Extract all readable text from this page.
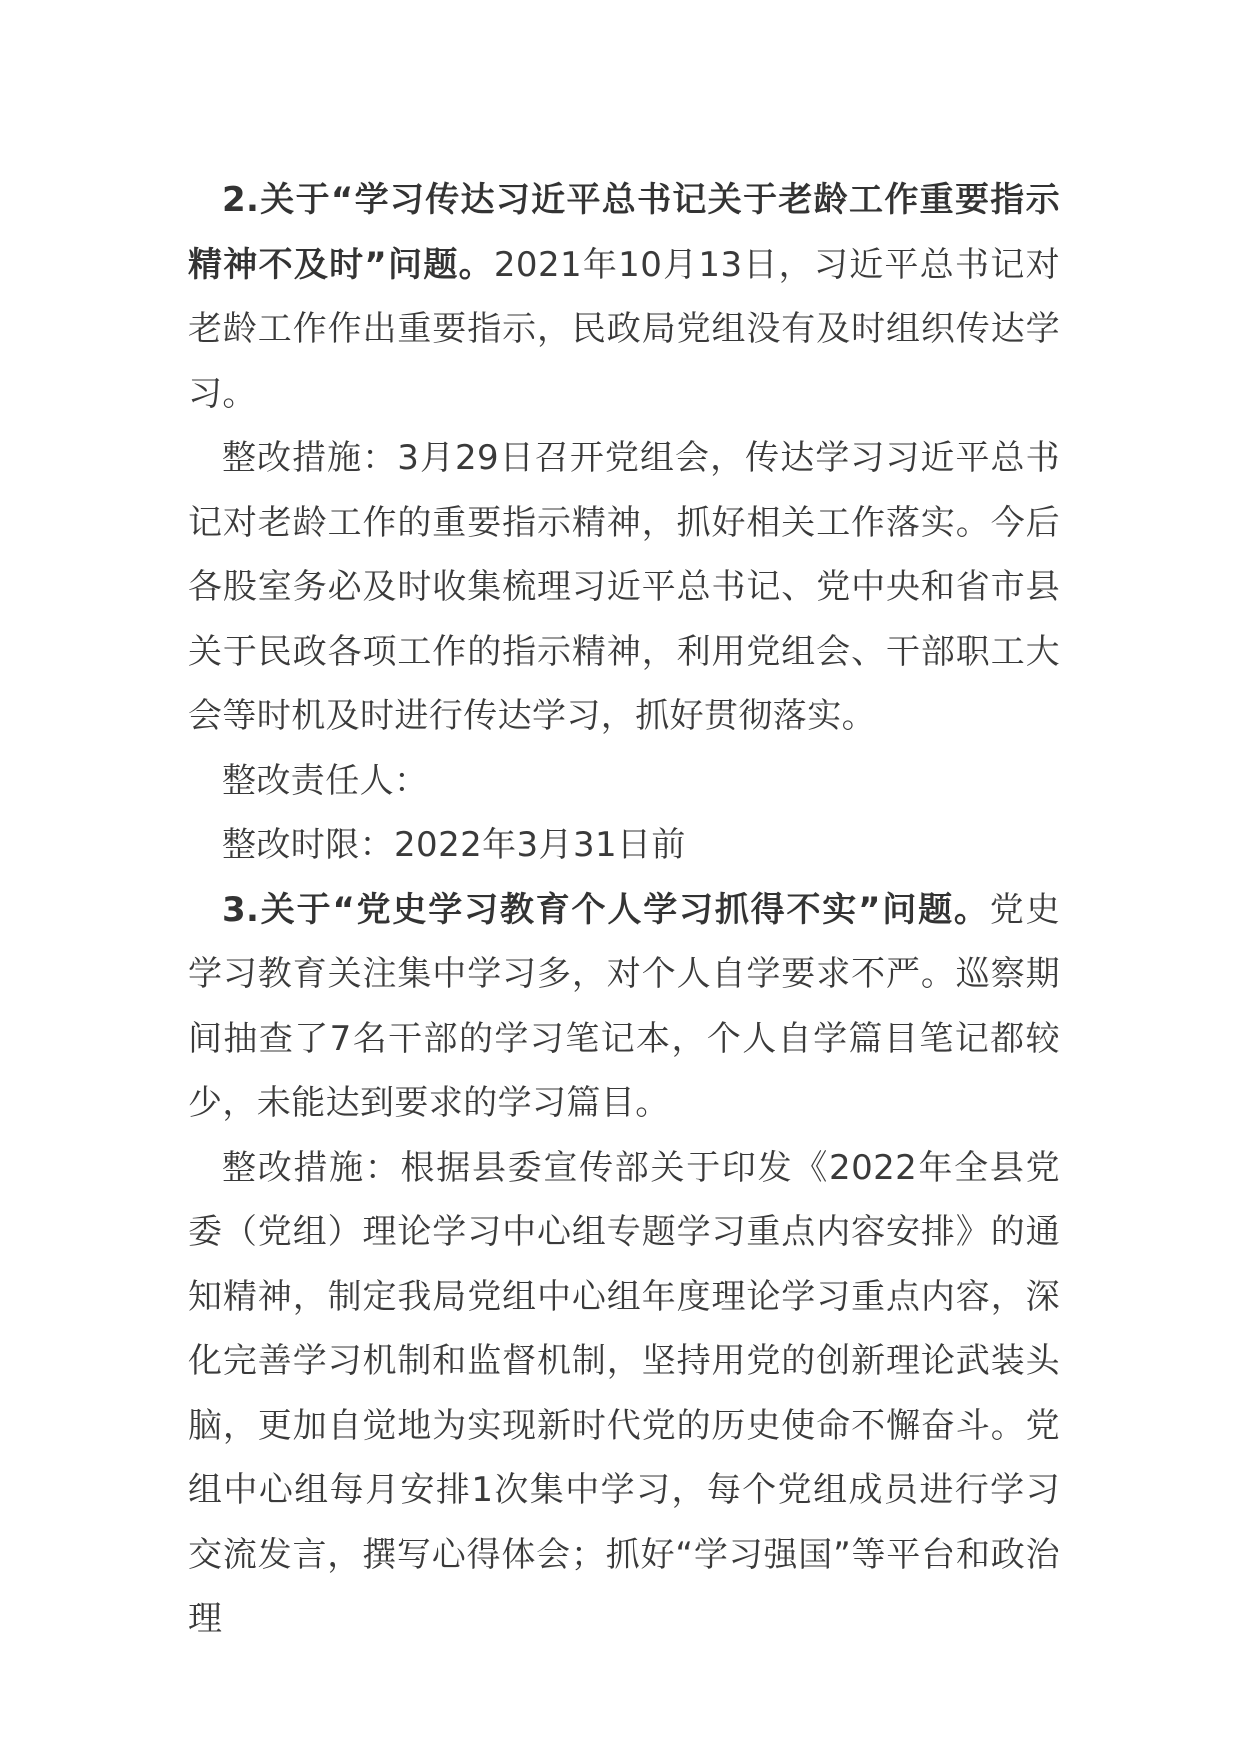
2.关于“学习传达习近平总书记关于老龄工作重要指示精神不及时”问题。2021年10月13日，习近平总书记对老龄工作作出重要指示，民政局党组没有及时组织传达学习。

整改措施：3月29日召开党组会，传达学习习近平总书记对老龄工作的重要指示精神，抓好相关工作落实。今后各股室务必及时收集梳理习近平总书记、党中央和省市县关于民政各项工作的指示精神，利用党组会、干部职工大会等时机及时进行传达学习，抓好贯彻落实。

整改责任人：

整改时限：2022年3月31日前

3.关于“党史学习教育个人学习抓得不实”问题。党史学习教育关注集中学习多，对个人自学要求不严。巡察期间抽查了7名干部的学习笔记本，个人自学篇目笔记都较少，未能达到要求的学习篇目。

整改措施：根据县委宣传部关于印发《2022年全县党委（党组）理论学习中心组专题学习重点内容安排》的通知精神，制定我局党组中心组年度理论学习重点内容，深化完善学习机制和监督机制，坚持用党的创新理论武装头脑，更加自觉地为实现新时代党的历史使命不懈奋斗。党组中心组每月安排1次集中学习，每个党组成员进行学习交流发言，撰写心得体会；抓好“学习强国”等平台和政治理
